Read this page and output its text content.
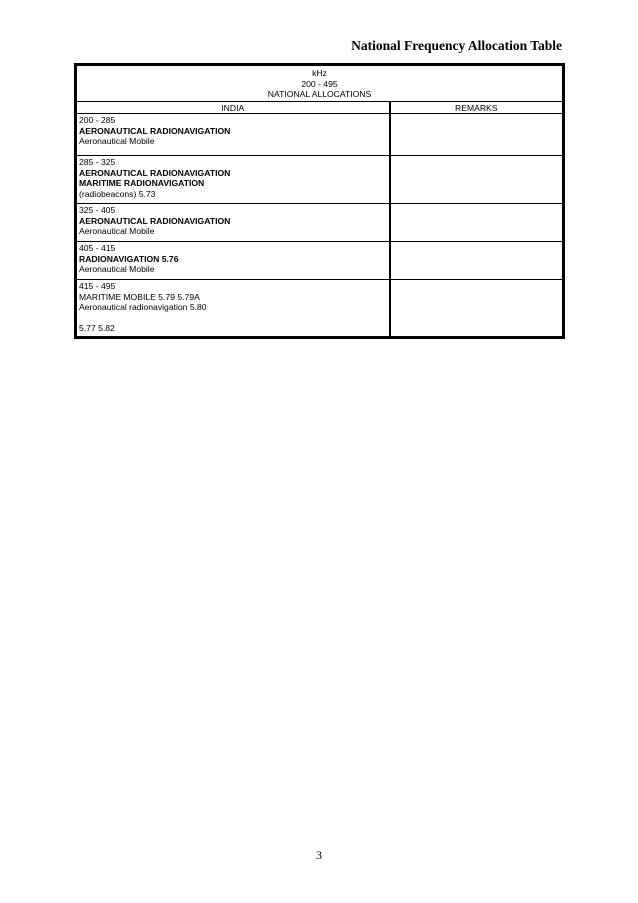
National Frequency Allocation Table
kHz
200 - 495
NATIONAL ALLOCATIONS	

INDIA	REMARKS

200 - 285
AERONAUTICAL RADIONAVIGATION
Aeronautical Mobile	

285 - 325
AERONAUTICAL RADIONAVIGATION
MARITIME RADIONAVIGATION
(radiobeacons) 5.73	

325 - 405
AERONAUTICAL RADIONAVIGATION
Aeronautical Mobile	

405 - 415
RADIONAVIGATION 5.76
Aeronautical Mobile	

415 - 495
MARITIME MOBILE 5.79 5.79A
Aeronautical radionavigation 5.80
5.77 5.82	

3
